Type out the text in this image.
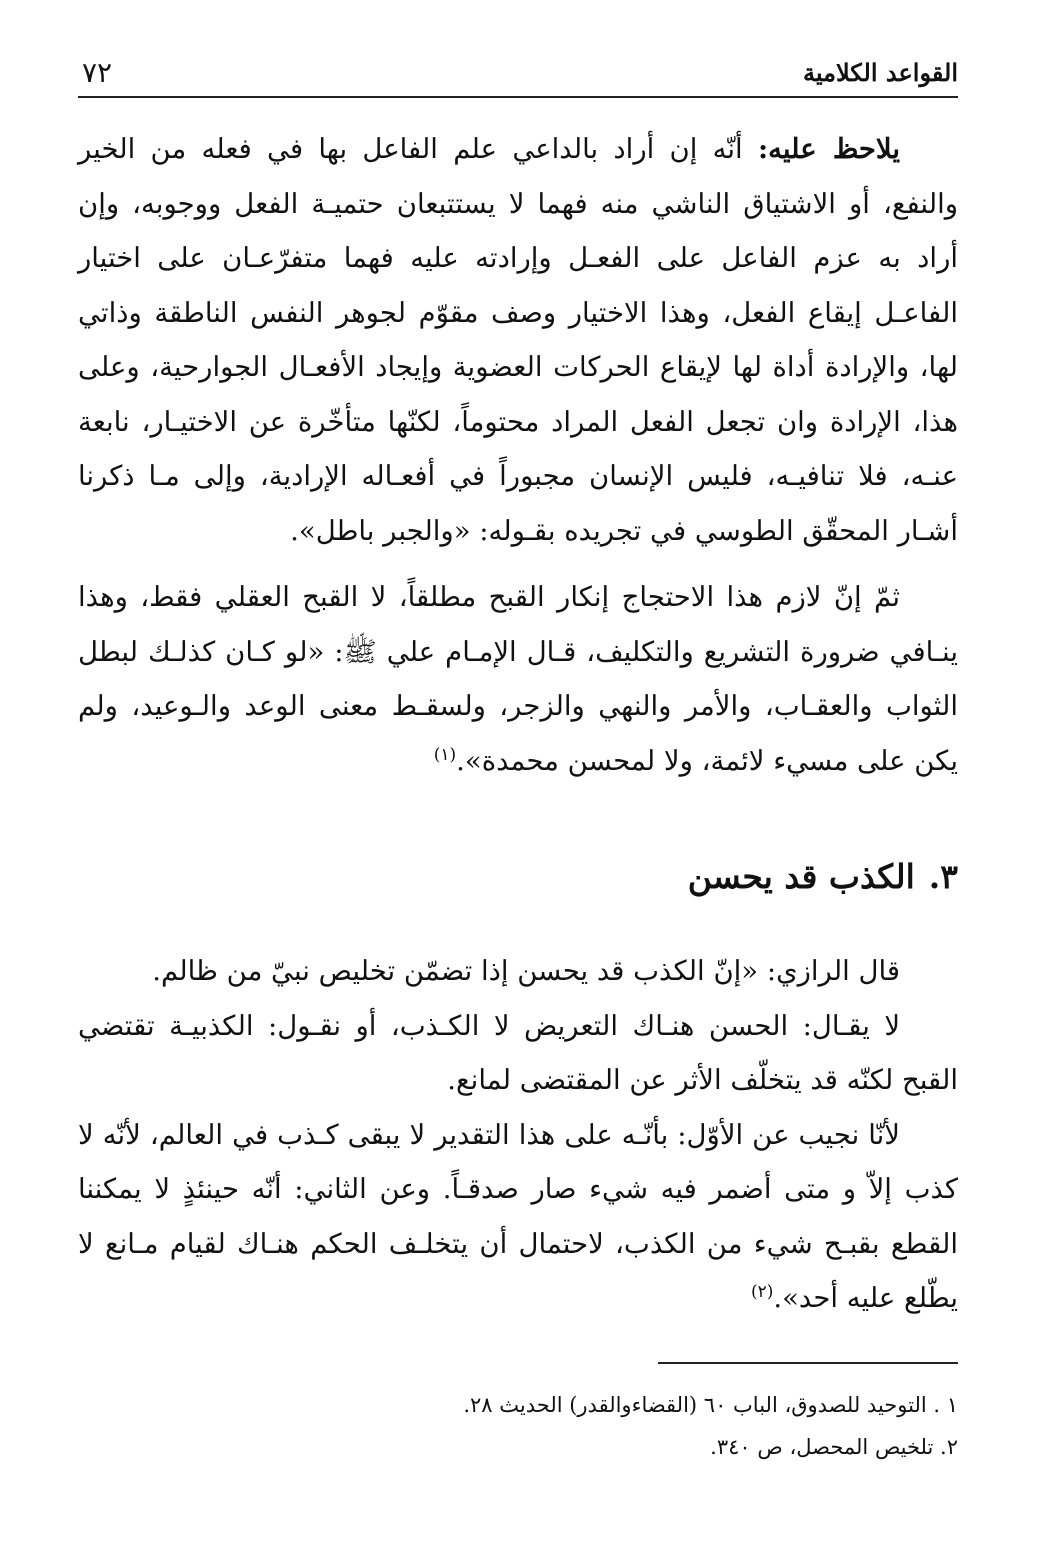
القواعد الكلامية
٧٢

يلاحظ عليه: أنّه إن أراد بالداعي علم الفاعل بها في فعله من الخير والنفع، أو الاشتياق الناشي منه فهما لا يستتبعان حتميـة الفعل ووجوبه، وإن أراد به عزم الفاعل على الفعـل وإرادته عليه فهما متفرّعـان على اختيار الفاعـل إيقاع الفعل، وهذا الاختيار وصف مقوّم لجوهر النفس الناطقة وذاتي لها، والإرادة أداة لها لإيقاع الحركات العضوية وإيجاد الأفعـال الجوارحية، وعلى هذا، الإرادة وان تجعل الفعل المراد محتوماً، لكنّها متأخّرة عن الاختيـار، نابعة عنـه، فلا تنافيـه، فليس الإنسان مجبوراً في أفعـاله الإرادية، وإلى مـا ذكرنا أشـار المحقّق الطوسي في تجريده بقـوله: «والجبر باطل».

ثمّ إنّ لازم هذا الاحتجاج إنكار القبح مطلقاً، لا القبح العقلي فقط، وهذا ينـافي ضرورة التشريع والتكليف، قـال الإمـام علي ﷺ: «لو كـان كذلـك لبطل الثواب والعقـاب، والأمر والنهي والزجر، ولسقـط معنى الوعد والـوعيد، ولم يكن على مسيء لائمة، ولا لمحسن محمدة».$^{(١)}$

٣.الكذب قد يحسن

قال الرازي: «إنّ الكذب قد يحسن إذا تضمّن تخليص نبيّ من ظالم.

لا يقـال: الحسن هنـاك التعريض لا الكـذب، أو نقـول: الكذبيـة تقتضي القبح لكنّه قد يتخلّف الأثر عن المقتضى لمانع.

لأنّا نجيب عن الأوّل: بأنّـه على هذا التقدير لا يبقى كـذب في العالم، لأنّه لا كذب إلاّ و متى أضمر فيه شيء صار صدقـاً. وعن الثاني: أنّه حينئذٍ لا يمكننا القطع بقبـح شيء من الكذب، لاحتمال أن يتخلـف الحكم هنـاك لقيام مـانع لا يطّلع عليه أحد».$^{(٢)}$

١ . التوحيد للصدوق، الباب ٦٠ (القضاءوالقدر) الحديث ٢٨.
٢. تلخيص المحصل، ص ٣٤٠.
